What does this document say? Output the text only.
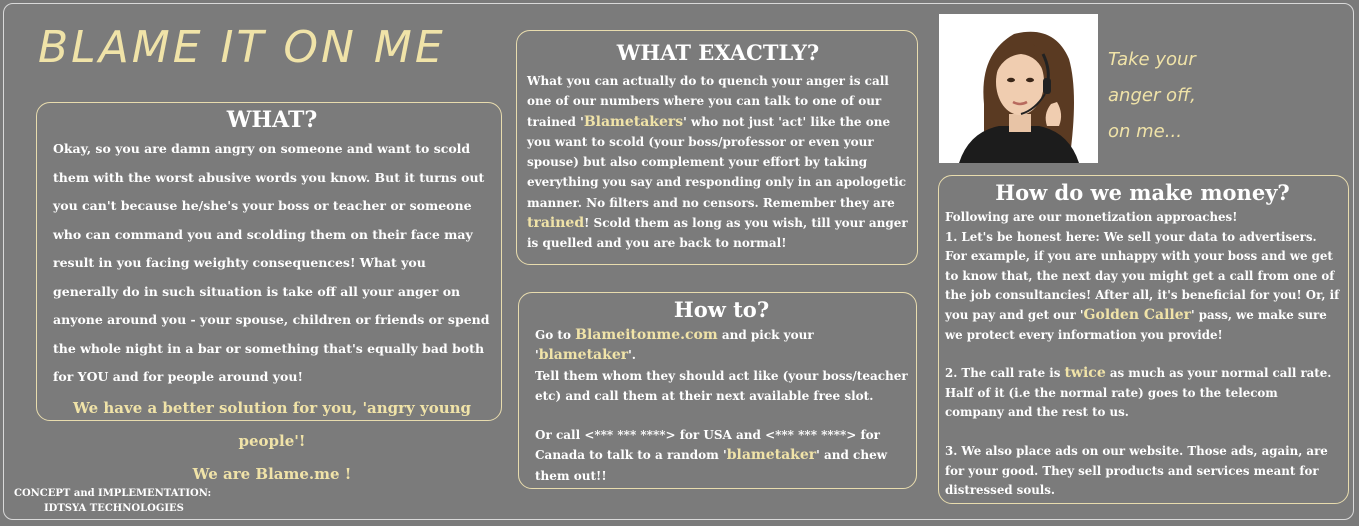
BLAME IT ON ME
WHAT?

Okay, so you are damn angry on someone and want to scold them with the worst abusive words you know. But it turns out you can't because he/she's your boss or teacher or someone who can command you and scolding them on their face may result in you facing weighty consequences! What you generally do in such situation is take off all your anger on anyone around you - your spouse, children or friends or spend the whole night in a bar or something that's equally bad both for YOU and for people around you!

We have a better solution for you, 'angry young people'!

We are Blame.me !

WHAT EXACTLY?

What you can actually do to quench your anger is call one of our numbers where you can talk to one of our trained 'Blametakers' who not just 'act' like the one you want to scold (your boss/professor or even your spouse) but also complement your effort by taking everything you say and responding only in an apologetic manner. No filters and no censors. Remember they are trained! Scold them as long as you wish, till your anger is quelled and you are back to normal!

How to?

Go to Blameitonme.com and pick your 'blametaker'.

Tell them whom they should act like (your boss/teacher etc) and call them at their next available free slot.

Or call <*** *** ****> for USA and <*** *** ****> for Canada to talk to a random 'blametaker' and chew them out!!

Take your
anger off,
on me...
How do we make money?

Following are our monetization approaches!

1. Let's be honest here: We sell your data to advertisers. For example, if you are unhappy with your boss and we get to know that, the next day you might get a call from one of the job consultancies! After all, it's beneficial for you! Or, if you pay and get our 'Golden Caller' pass, we make sure we protect every information you provide!

2. The call rate is twice as much as your normal call rate. Half of it (i.e the normal rate) goes to the telecom company and the rest to us.

3. We also place ads on our website. Those ads, again, are for your good. They sell products and services meant for distressed souls.

CONCEPT and IMPLEMENTATION:
IDTSYA TECHNOLOGIES
